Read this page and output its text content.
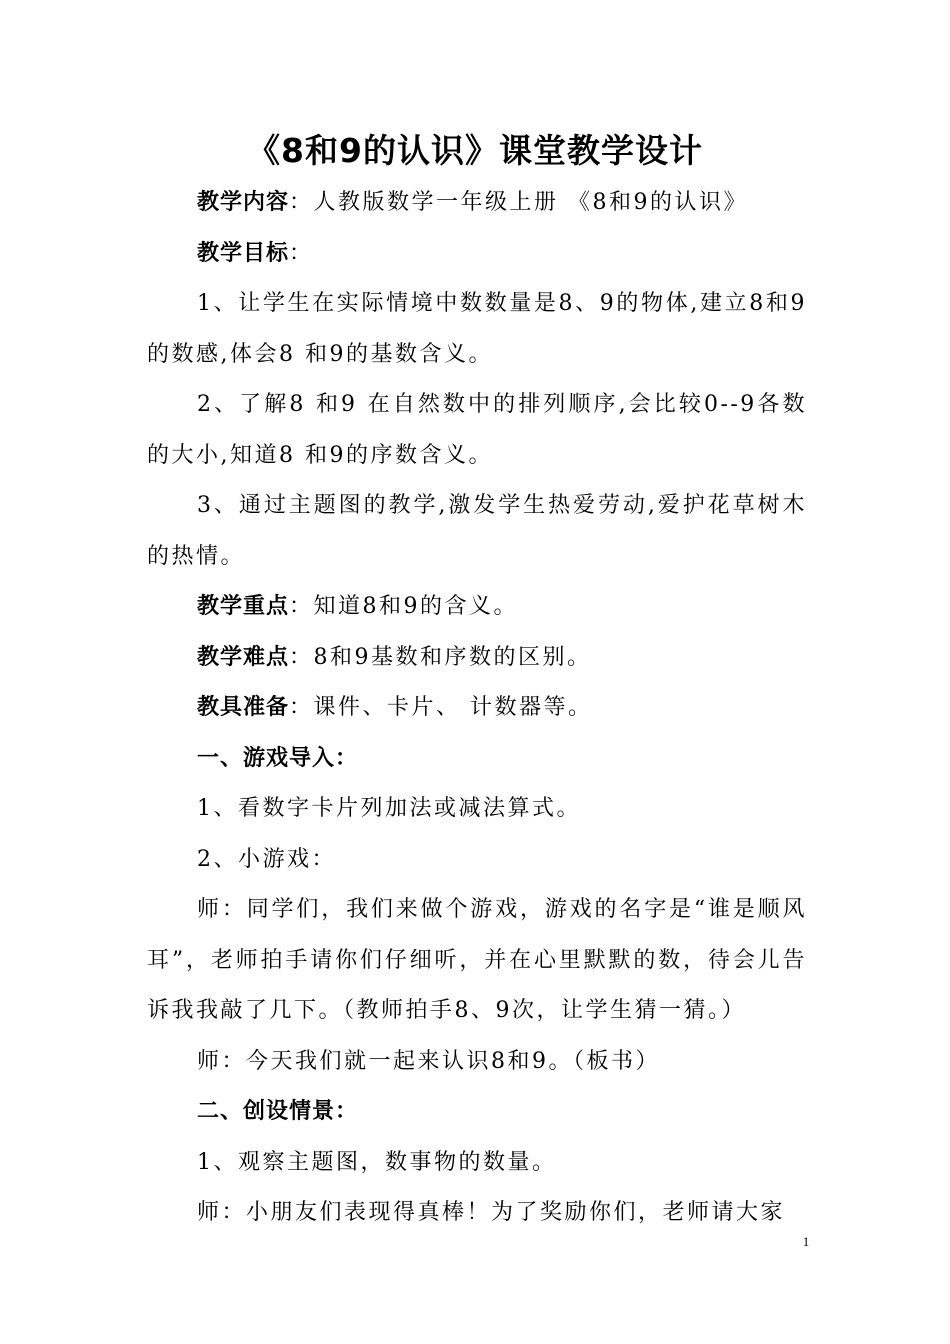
《8和9的认识》课堂教学设计

教学内容：人教版数学一年级上册 《8和9的认识》

教学目标：

1、让学生在实际情境中数数量是8、9的物体,建立8和9 的数感,体会8 和9的基数含义。

2、了解8 和9 在自然数中的排列顺序,会比较0--9各数的大小,知道8 和9的序数含义。

3、通过主题图的教学,激发学生热爱劳动,爱护花草树木的热情。

教学重点：知道8和9的含义。

教学难点：8和9基数和序数的区别。

教具准备：课件、卡片、 计数器等。

一、游戏导入：

1、看数字卡片列加法或减法算式。

2、小游戏：

师：同学们，我们来做个游戏，游戏的名字是“谁是顺风耳”，老师拍手请你们仔细听，并在心里默默的数，待会儿告诉我我敲了几下。（教师拍手8、9次，让学生猜一猜。）

师：今天我们就一起来认识8和9。（板书）

二、创设情景：

1、观察主题图，数事物的数量。

师：小朋友们表现得真棒！为了奖励你们，老师请大家

1
